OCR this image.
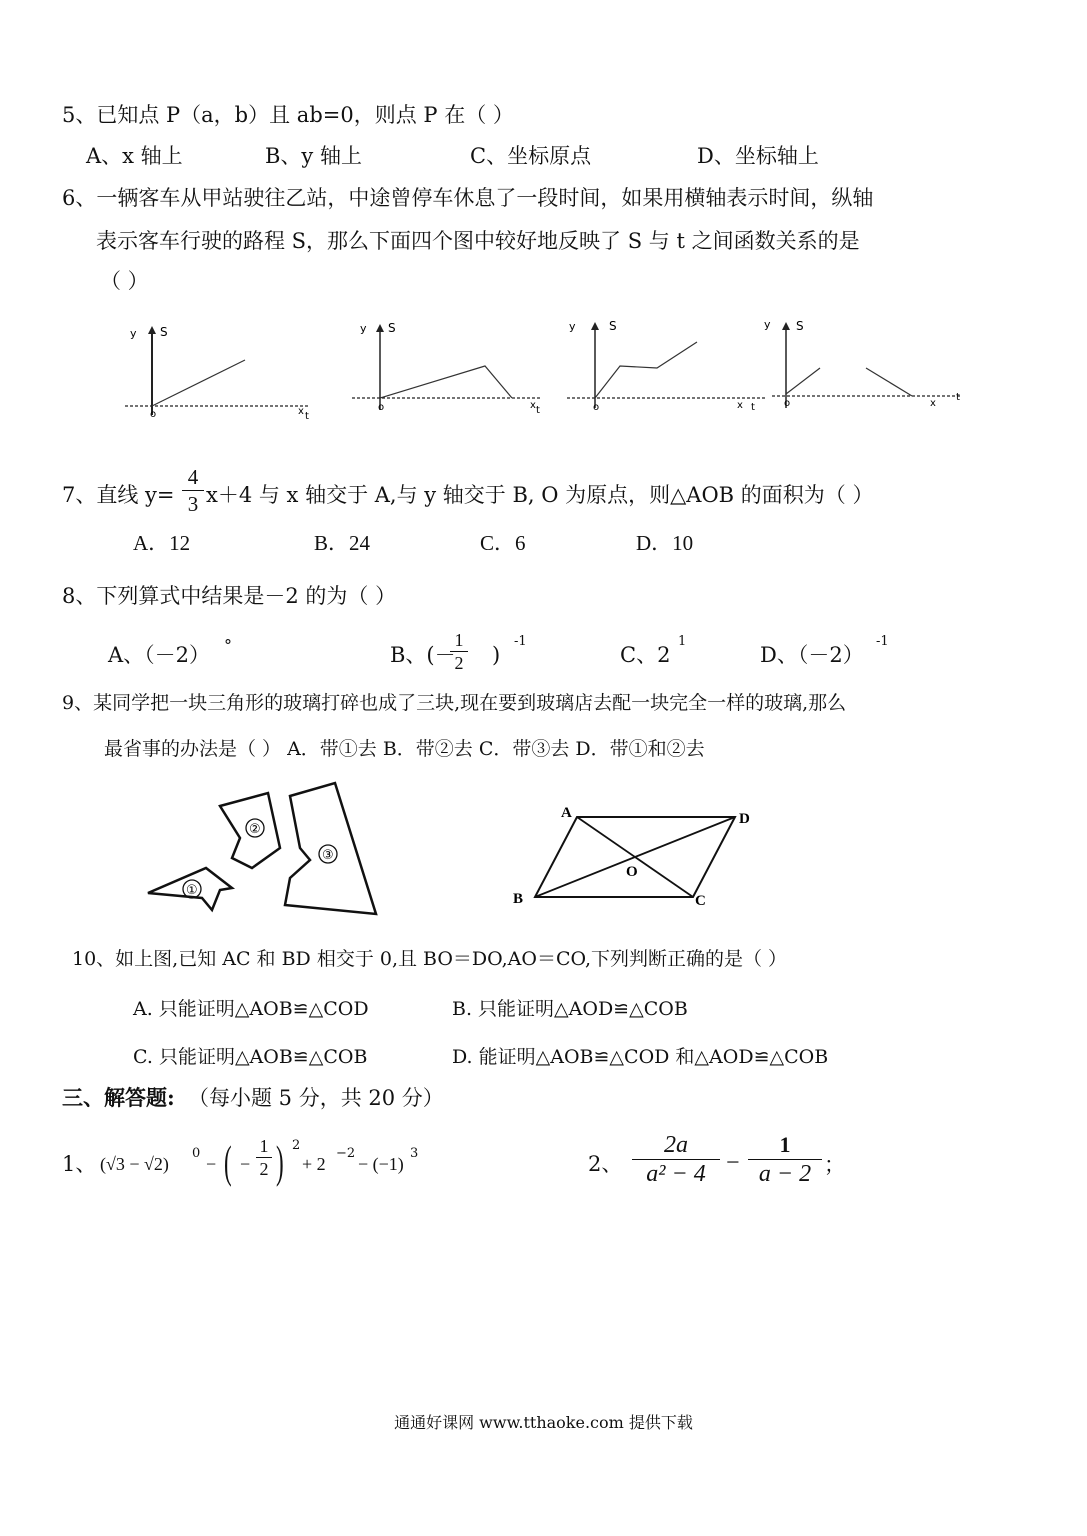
5、已知点 P（a，b）且 ab=0，则点 P 在（ ）
A、x 轴上	B、y 轴上	C、坐标原点	D、坐标轴上
6、一辆客车从甲站驶往乙站，中途曾停车休息了一段时间，如果用横轴表示时间，纵轴
表示客车行驶的路程 S，那么下面四个图中较好地反映了 S 与 t 之间函数关系的是
（ ）
y S
o	x t
y S
o	x t
y	S
o	x t
y S
o	x
t
7、直线 y=
4
3 x＋4 与 x 轴交于 A,与 y 轴交于 B, O 为原点，则△AOB 的面积为（ ）
A．12	B．24	C．6	D．10
8、下列算式中结果是－2 的为（ ）
A、（－2） °	B、(－
1
2 )
-1
C、2
1
D、（－2）
-1
9、某同学把一块三角形的玻璃打碎也成了三块,现在要到玻璃店去配一块完全一样的玻璃,那么
最省事的办法是（ ） A．带①去 B．带②去 C．带③去 D．带①和②去
①
②
③
A	D
B	C
O
10、如上图,已知 AC 和 BD 相交于 0,且 BO＝DO,AO＝CO,下列判断正确的是（ ）
A. 只能证明△AOB≌△COD	B. 只能证明△AOD≌△COB
C. 只能证明△AOB≌△COB	D. 能证明△AOB≌△COD 和△AOD≌△COB
三、解答题: （每小题 5 分，共 20 分）
1、 (√3 − √2)
0
− ( −
1
2 ) 2
+ 2
−2
− (−1)
3	2、
2a
a² − 4 −
1
a − 2 ；
通通好课网 www.tthaoke.com 提供下载
